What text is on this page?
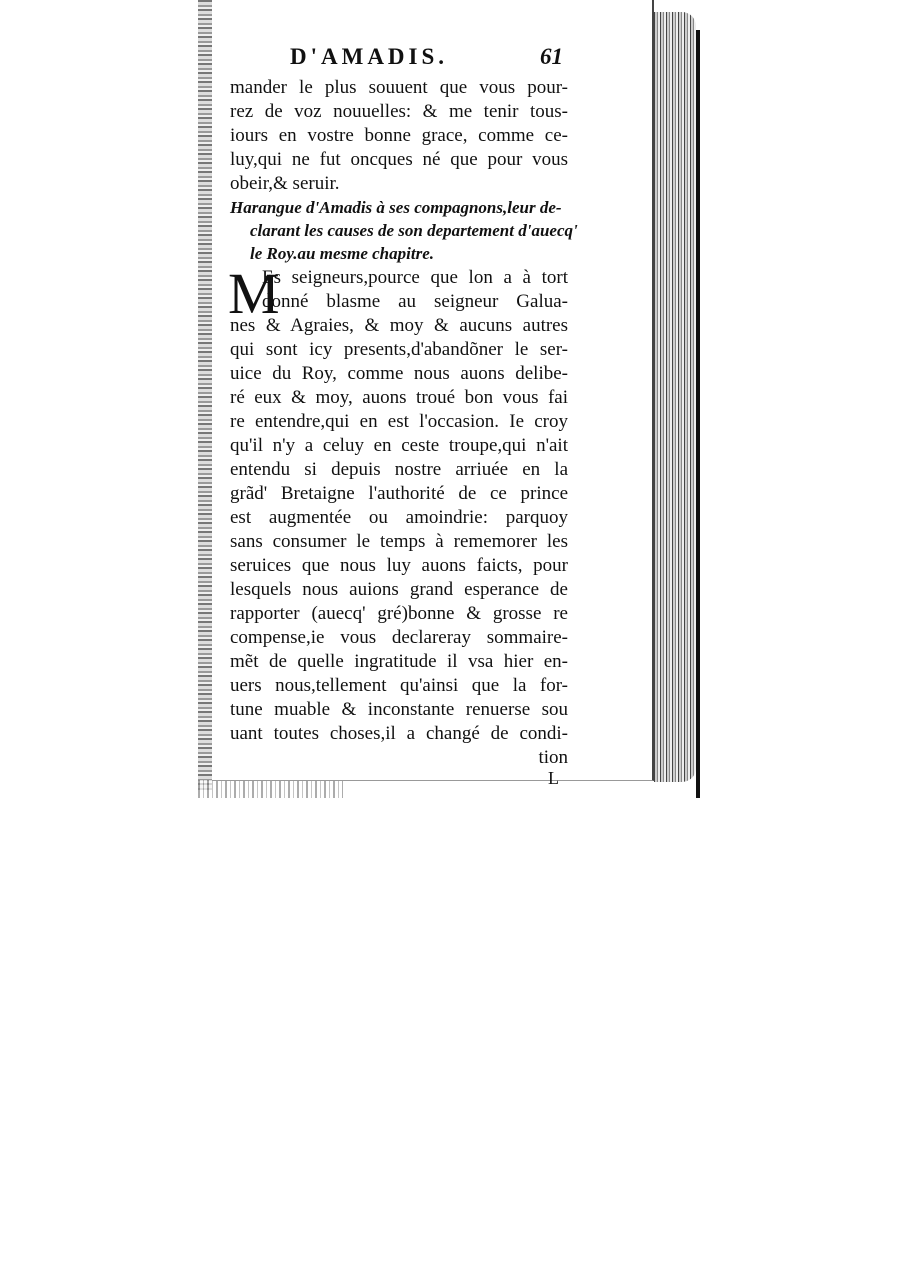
D'AMADIS.	61
mander le plus souuent que vous pour-
rez de voz nouuelles: & me tenir tous-
iours en vostre bonne grace, comme ce-
luy,qui ne fut oncques né que pour vous
obeir,& seruir.
Harangue d'Amadis à ses compagnons,leur de-
clarant les causes de son departement d'auecq'
le Roy.au mesme chapitre.
M
Es seigneurs,pource que lon a à tort
donné blasme au seigneur Galua-
nes & Agraies, & moy & aucuns autres
qui sont icy presents,d'abandõner le ser-
uice du Roy, comme nous auons delibe-
ré eux & moy, auons troué bon vous fai
re entendre,qui en est l'occasion. Ie croy
qu'il n'y a celuy en ceste troupe,qui n'ait
entendu si depuis nostre arriuée en la
grãd' Bretaigne l'authorité de ce prince
est augmentée ou amoindrie: parquoy
sans consumer le temps à rememorer les
seruices que nous luy auons faicts, pour
lesquels nous auions grand esperance de
rapporter (auecq' gré)bonne & grosse re
compense,ie vous declareray sommaire-
mẽt de quelle ingratitude il vsa hier en-
uers nous,tellement qu'ainsi que la for-
tune muable & inconstante renuerse sou
uant toutes choses,il a changé de condi-
tion
L
